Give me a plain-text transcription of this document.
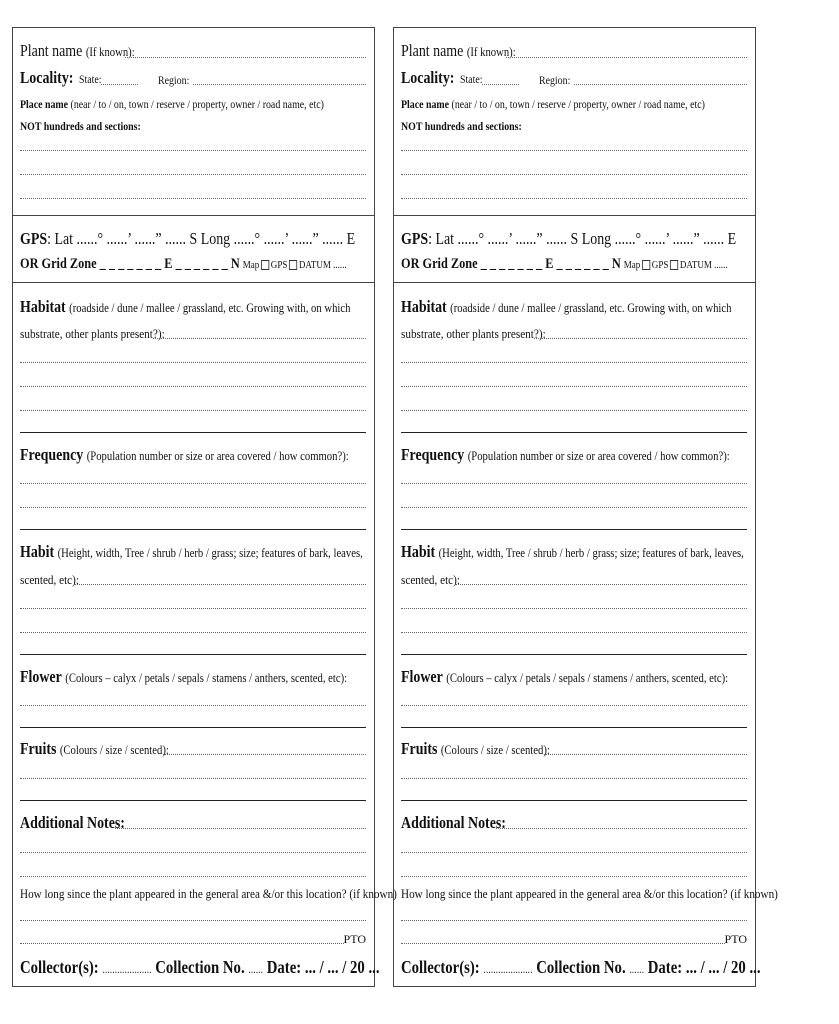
Plant name (If known):
Locality: State:	Region:
Place name (near / to / on, town / reserve / property, owner / road name, etc)
NOT hundreds and sections:
GPS: Lat ......° ......’ ......” ...... S Long ......° ......’ ......” ...... E
OR Grid Zone _ _ _ _ _ _ _ E _ _ _ _ _ _ N Map GPS DATUM ......
Habitat (roadside / dune / mallee / grassland, etc. Growing with, on which
substrate, other plants present?):
Frequency (Population number or size or area covered / how common?):
Habit (Height, width, Tree / shrub / herb / grass; size; features of bark, leaves,
scented, etc):
Flower (Colours – calyx / petals / sepals / stamens / anthers, scented, etc):
Fruits (Colours / size / scented):
Additional Notes:
How long since the plant appeared in the general area &/or this location? (if known)
PTO
Collector(s): .................... Collection No. ...... Date: ... / ... / 20 ...
Plant name (If known):
Locality: State:	Region:
Place name (near / to / on, town / reserve / property, owner / road name, etc)
NOT hundreds and sections:
GPS: Lat ......° ......’ ......” ...... S Long ......° ......’ ......” ...... E
OR Grid Zone _ _ _ _ _ _ _ E _ _ _ _ _ _ N Map GPS DATUM ......
Habitat (roadside / dune / mallee / grassland, etc. Growing with, on which
substrate, other plants present?):
Frequency (Population number or size or area covered / how common?):
Habit (Height, width, Tree / shrub / herb / grass; size; features of bark, leaves,
scented, etc):
Flower (Colours – calyx / petals / sepals / stamens / anthers, scented, etc):
Fruits (Colours / size / scented):
Additional Notes:
How long since the plant appeared in the general area &/or this location? (if known)
PTO
Collector(s): .................... Collection No. ...... Date: ... / ... / 20 ...
